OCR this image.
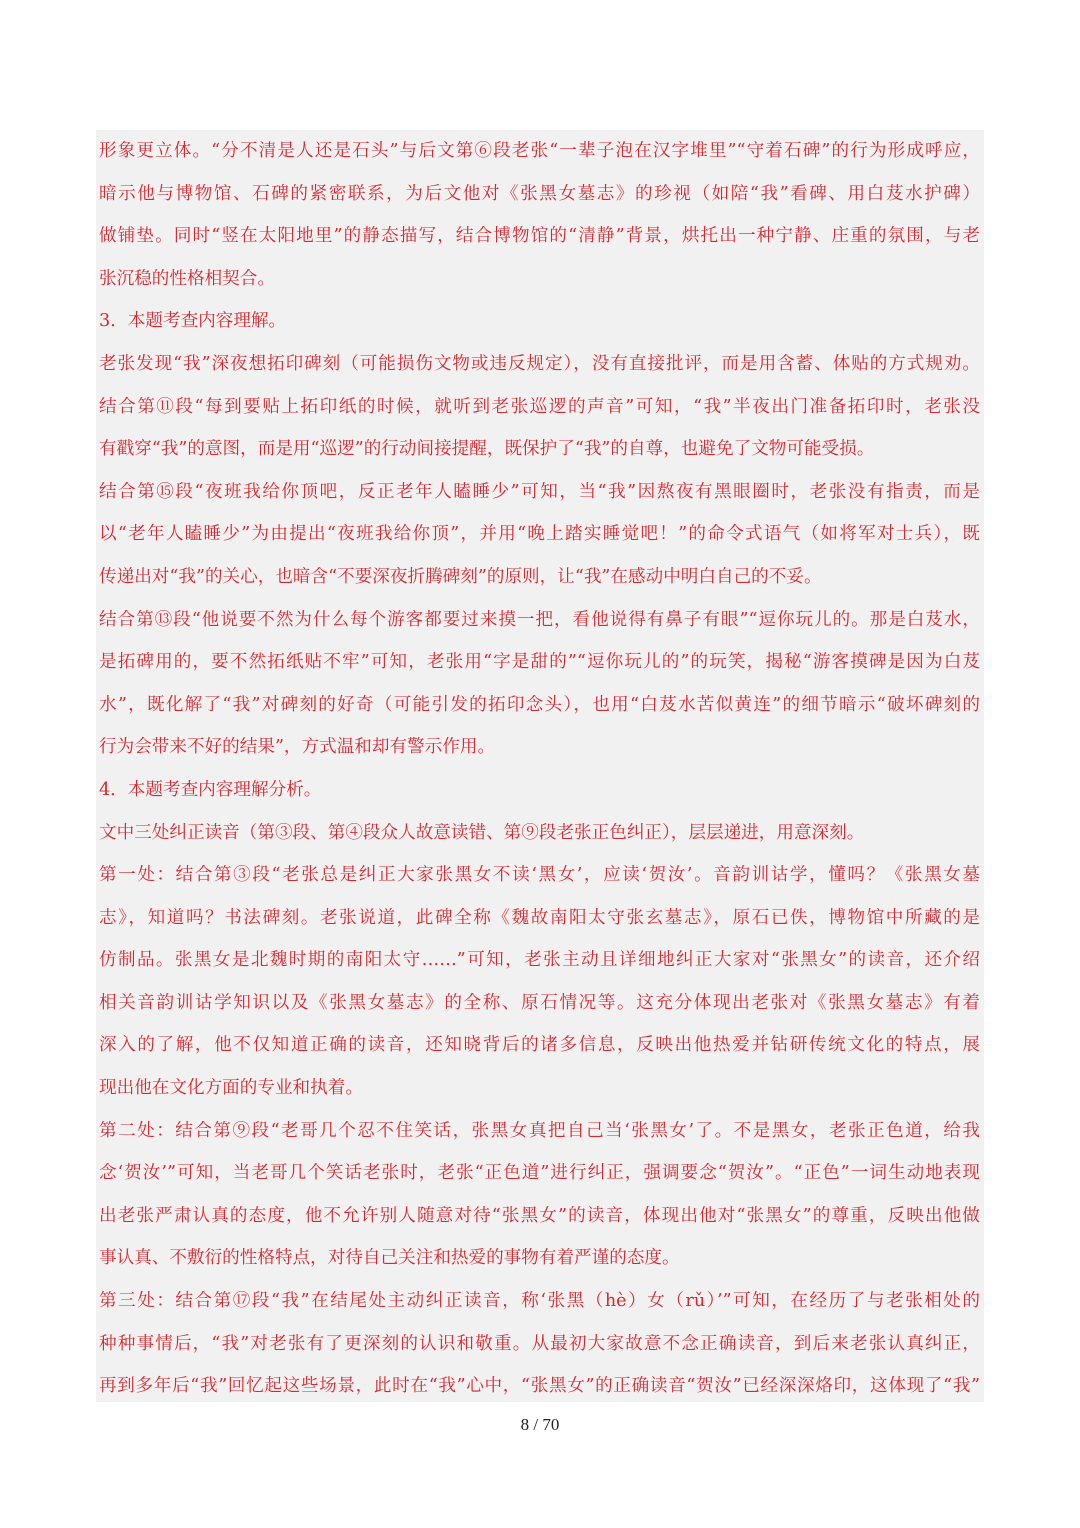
形象更立体。“分不清是人还是石头”与后文第⑥段老张“一辈子泡在汉字堆里”“守着石碑”的行为形成呼应，
暗示他与博物馆、石碑的紧密联系，为后文他对《张黑女墓志》的珍视（如陪“我”看碑、用白芨水护碑）
做铺垫。同时“竖在太阳地里”的静态描写，结合博物馆的“清静”背景，烘托出一种宁静、庄重的氛围，与老
张沉稳的性格相契合。
3．本题考查内容理解。
老张发现“我”深夜想拓印碑刻（可能损伤文物或违反规定），没有直接批评，而是用含蓄、体贴的方式规劝。
结合第⑪段“每到要贴上拓印纸的时候，就听到老张巡逻的声音”可知，“我”半夜出门准备拓印时，老张没
有戳穿“我”的意图，而是用“巡逻”的行动间接提醒，既保护了“我”的自尊，也避免了文物可能受损。
结合第⑮段“夜班我给你顶吧，反正老年人瞌睡少”可知，当“我”因熬夜有黑眼圈时，老张没有指责，而是
以“老年人瞌睡少”为由提出“夜班我给你顶”，并用“晚上踏实睡觉吧！”的命令式语气（如将军对士兵），既
传递出对“我”的关心，也暗含“不要深夜折腾碑刻”的原则，让“我”在感动中明白自己的不妥。
结合第⑬段“他说要不然为什么每个游客都要过来摸一把，看他说得有鼻子有眼”“逗你玩儿的。那是白芨水，
是拓碑用的，要不然拓纸贴不牢”可知，老张用“字是甜的”“逗你玩儿的”的玩笑，揭秘“游客摸碑是因为白芨
水”，既化解了“我”对碑刻的好奇（可能引发的拓印念头），也用“白芨水苦似黄连”的细节暗示“破坏碑刻的
行为会带来不好的结果”，方式温和却有警示作用。
4．本题考查内容理解分析。
文中三处纠正读音（第③段、第④段众人故意读错、第⑨段老张正色纠正），层层递进，用意深刻。
第一处：结合第③段“老张总是纠正大家张黑女不读‘黑女’，应读‘贺汝’。音韵训诂学，懂吗？《张黑女墓
志》，知道吗？书法碑刻。老张说道，此碑全称《魏故南阳太守张玄墓志》，原石已佚，博物馆中所藏的是
仿制品。张黑女是北魏时期的南阳太守……”可知，老张主动且详细地纠正大家对“张黑女”的读音，还介绍
相关音韵训诂学知识以及《张黑女墓志》的全称、原石情况等。这充分体现出老张对《张黑女墓志》有着
深入的了解，他不仅知道正确的读音，还知晓背后的诸多信息，反映出他热爱并钻研传统文化的特点，展
现出他在文化方面的专业和执着。
第二处：结合第⑨段“老哥几个忍不住笑话，张黑女真把自己当‘张黑女’了。不是黑女，老张正色道，给我
念‘贺汝’”可知，当老哥几个笑话老张时，老张“正色道”进行纠正，强调要念“贺汝”。“正色”一词生动地表现
出老张严肃认真的态度，他不允许别人随意对待“张黑女”的读音，体现出他对“张黑女”的尊重，反映出他做
事认真、不敷衍的性格特点，对待自己关注和热爱的事物有着严谨的态度。
第三处：结合第⑰段“我”在结尾处主动纠正读音，称‘张黑（hè）女（rǔ）’”可知，在经历了与老张相处的
种种事情后，“我”对老张有了更深刻的认识和敬重。从最初大家故意不念正确读音，到后来老张认真纠正，
再到多年后“我”回忆起这些场景，此时在“我”心中，“张黑女”的正确读音“贺汝”已经深深烙印，这体现了“我”
8 / 70
